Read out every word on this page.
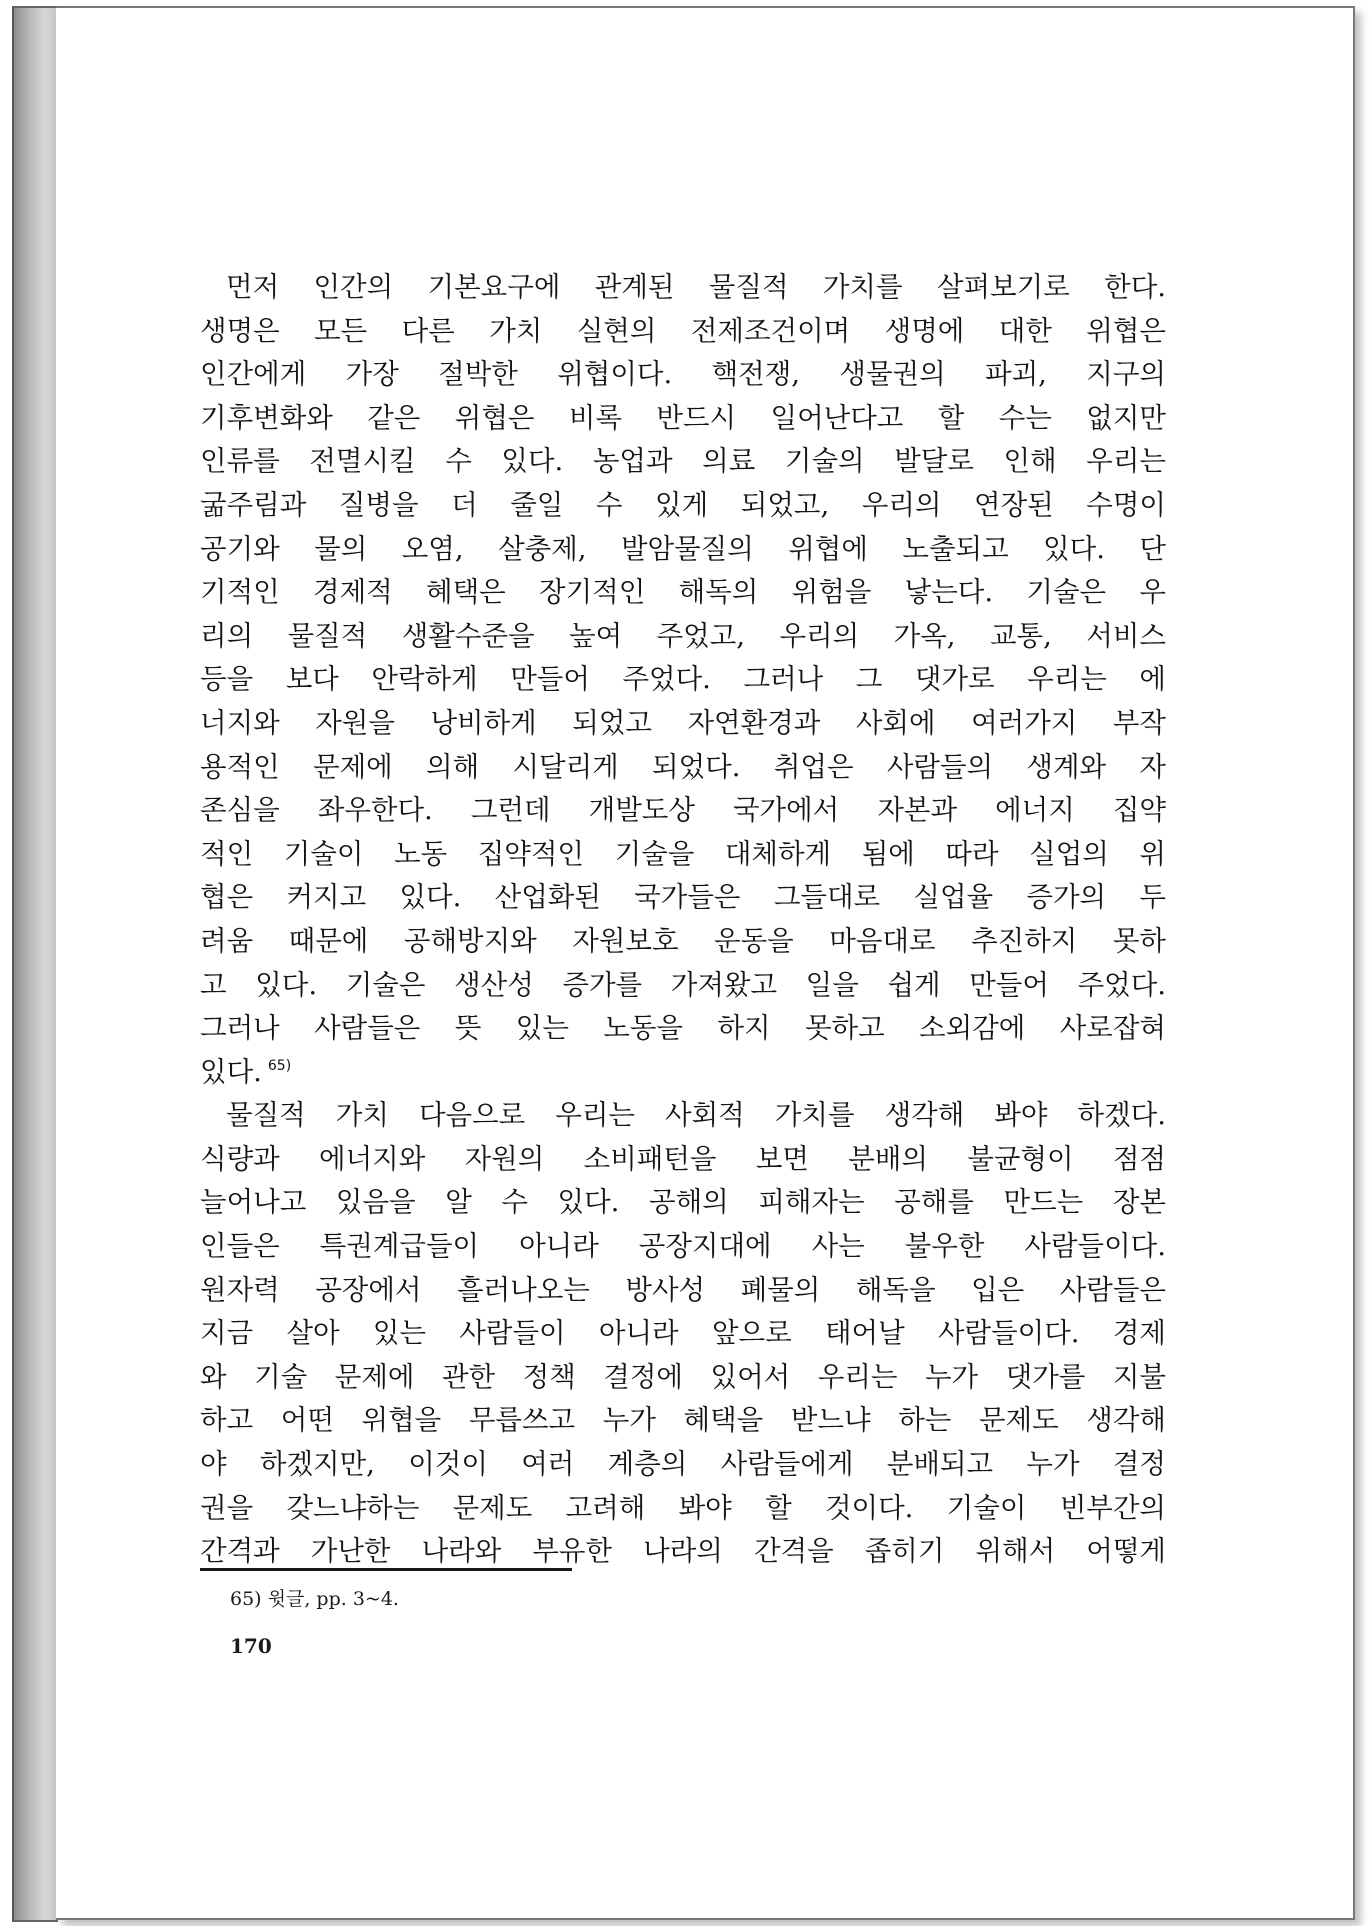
먼저 인간의 기본요구에 관계된 물질적 가치를 살펴보기로 한다.
생명은 모든 다른 가치 실현의 전제조건이며 생명에 대한 위협은
인간에게 가장 절박한 위협이다. 핵전쟁, 생물권의 파괴, 지구의
기후변화와 같은 위협은 비록 반드시 일어난다고 할 수는 없지만
인류를 전멸시킬 수 있다. 농업과 의료 기술의 발달로 인해 우리는
굶주림과 질병을 더 줄일 수 있게 되었고, 우리의 연장된 수명이
공기와 물의 오염, 살충제, 발암물질의 위협에 노출되고 있다. 단
기적인 경제적 혜택은 장기적인 해독의 위험을 낳는다. 기술은 우
리의 물질적 생활수준을 높여 주었고, 우리의 가옥, 교통, 서비스
등을 보다 안락하게 만들어 주었다. 그러나 그 댓가로 우리는 에
너지와 자원을 낭비하게 되었고 자연환경과 사회에 여러가지 부작
용적인 문제에 의해 시달리게 되었다. 취업은 사람들의 생계와 자
존심을 좌우한다. 그런데 개발도상 국가에서 자본과 에너지 집약
적인 기술이 노동 집약적인 기술을 대체하게 됨에 따라 실업의 위
협은 커지고 있다. 산업화된 국가들은 그들대로 실업율 증가의 두
려움 때문에 공해방지와 자원보호 운동을 마음대로 추진하지 못하
고 있다. 기술은 생산성 증가를 가져왔고 일을 쉽게 만들어 주었다.
그러나 사람들은 뜻 있는 노동을 하지 못하고 소외감에 사로잡혀
있다. $^{65)}$
물질적 가치 다음으로 우리는 사회적 가치를 생각해 봐야 하겠다.
식량과 에너지와 자원의 소비패턴을 보면 분배의 불균형이 점점
늘어나고 있음을 알 수 있다. 공해의 피해자는 공해를 만드는 장본
인들은 특권계급들이 아니라 공장지대에 사는 불우한 사람들이다.
원자력 공장에서 흘러나오는 방사성 폐물의 해독을 입은 사람들은
지금 살아 있는 사람들이 아니라 앞으로 태어날 사람들이다. 경제
와 기술 문제에 관한 정책 결정에 있어서 우리는 누가 댓가를 지불
하고 어떤 위협을 무릅쓰고 누가 혜택을 받느냐 하는 문제도 생각해
야 하겠지만, 이것이 여러 계층의 사람들에게 분배되고 누가 결정
권을 갖느냐하는 문제도 고려해 봐야 할 것이다. 기술이 빈부간의
간격과 가난한 나라와 부유한 나라의 간격을 좁히기 위해서 어떻게
65) 윗글, pp. 3~4.
170
